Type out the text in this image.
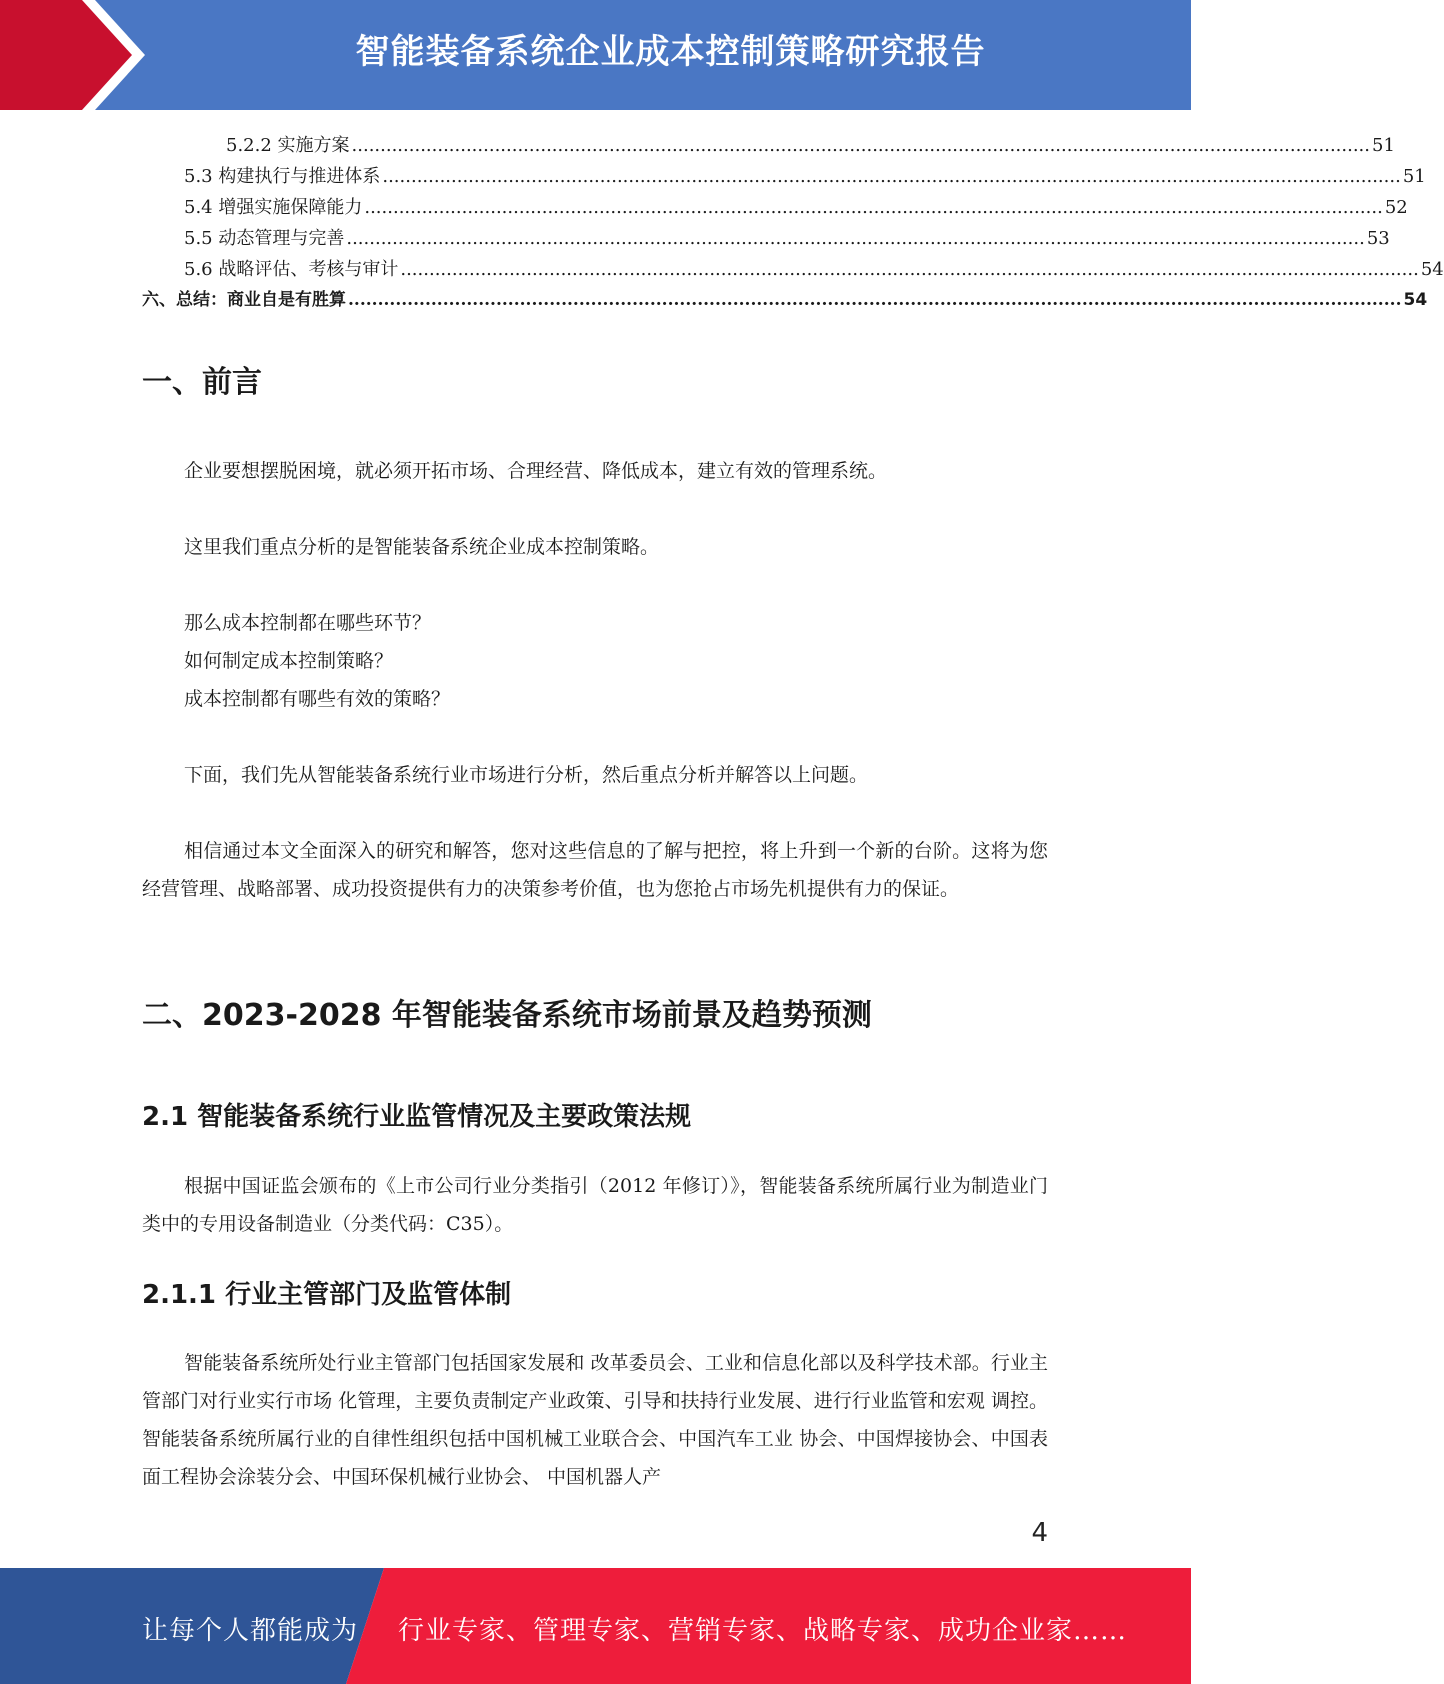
智能装备系统企业成本控制策略研究报告
5.2.2 实施方案 .................................................................................................................................................................................. 51
5.3 构建执行与推进体系 .................................................................................................................................................................................. 51
5.4 增强实施保障能力 .................................................................................................................................................................................. 52
5.5 动态管理与完善 .................................................................................................................................................................................. 53
5.6 战略评估、考核与审计 .................................................................................................................................................................................. 54
六、总结：商业自是有胜算 .................................................................................................................................................................................. 54
一、前言

企业要想摆脱困境，就必须开拓市场、合理经营、降低成本，建立有效的管理系统。

这里我们重点分析的是智能装备系统企业成本控制策略。

那么成本控制都在哪些环节？

如何制定成本控制策略？

成本控制都有哪些有效的策略？

下面，我们先从智能装备系统行业市场进行分析，然后重点分析并解答以上问题。

相信通过本文全面深入的研究和解答，您对这些信息的了解与把控，将上升到一个新的台阶。这将为您经营管理、战略部署、成功投资提供有力的决策参考价值，也为您抢占市场先机提供有力的保证。

二、2023-2028 年智能装备系统市场前景及趋势预测
2.1 智能装备系统行业监管情况及主要政策法规

根据中国证监会颁布的《上市公司行业分类指引（2012 年修订）》，智能装备系统所属行业为制造业门类中的专用设备制造业（分类代码：C35）。

2.1.1 行业主管部门及监管体制

智能装备系统所处行业主管部门包括国家发展和 改革委员会、工业和信息化部以及科学技术部。行业主管部门对行业实行市场 化管理，主要负责制定产业政策、引导和扶持行业发展、进行行业监管和宏观 调控。智能装备系统所属行业的自律性组织包括中国机械工业联合会、中国汽车工业 协会、中国焊接协会、中国表面工程协会涂装分会、中国环保机械行业协会、 中国机器人产

4
让每个人都能成为 行业专家、管理专家、营销专家、战略专家、成功企业家……
